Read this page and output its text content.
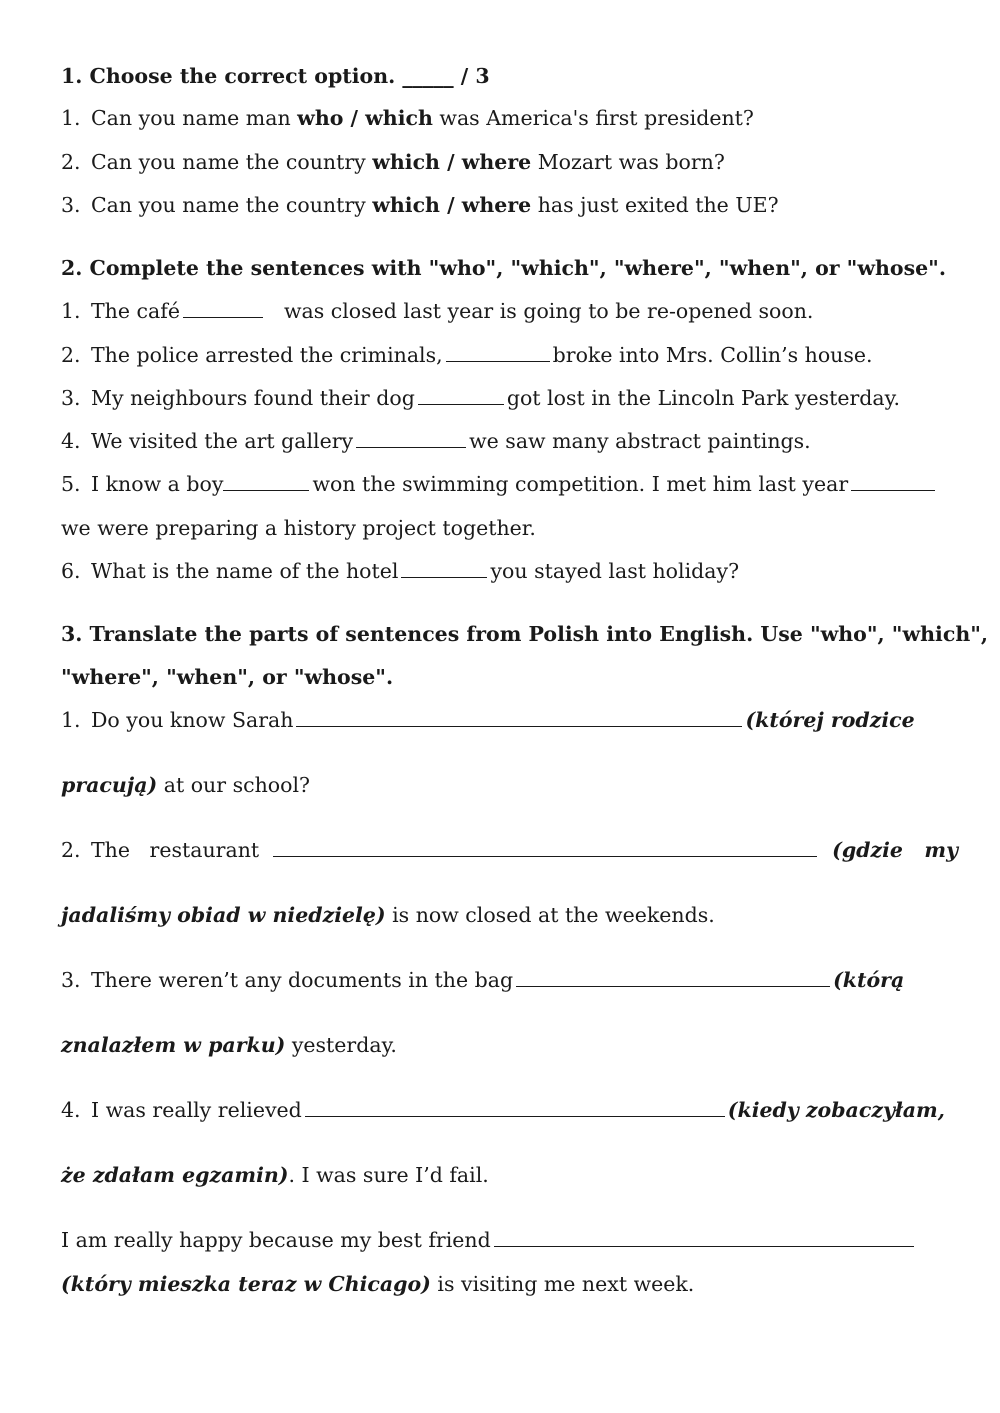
1. Choose the correct option. _____ / 3
1. Can you name man who / which was America's first president?
2. Can you name the country which / where Mozart was born?
3. Can you name the country which / where has just exited the UE?
2. Complete the sentences with "who", "which", "where", "when", or "whose".
1. The café	was closed last year is going to be re-opened soon.
2. The police arrested the criminals,	broke into Mrs. Collin’s house.
3. My neighbours found their dog	got lost in the Lincoln Park yesterday.
4. We visited the art gallery	we saw many abstract paintings.
5. I know a boy	won the swimming competition. I met him last year
we were preparing a history project together.
6. What is the name of the hotel	you stayed last holiday?
3. Translate the parts of sentences from Polish into English. Use "who", "which",
"where", "when", or "whose".
1. Do you know Sarah	(której rodzice
pracują) at our school?
2. The   restaurant	(gdzie   my
jadaliśmy obiad w niedzielę) is now closed at the weekends.
3. There weren’t any documents in the bag	(którą
znalazłem w parku) yesterday.
4. I was really relieved	(kiedy zobaczyłam,
że zdałam egzamin). I was sure I’d fail.
I am really happy because my best friend
(który mieszka teraz w Chicago) is visiting me next week.
